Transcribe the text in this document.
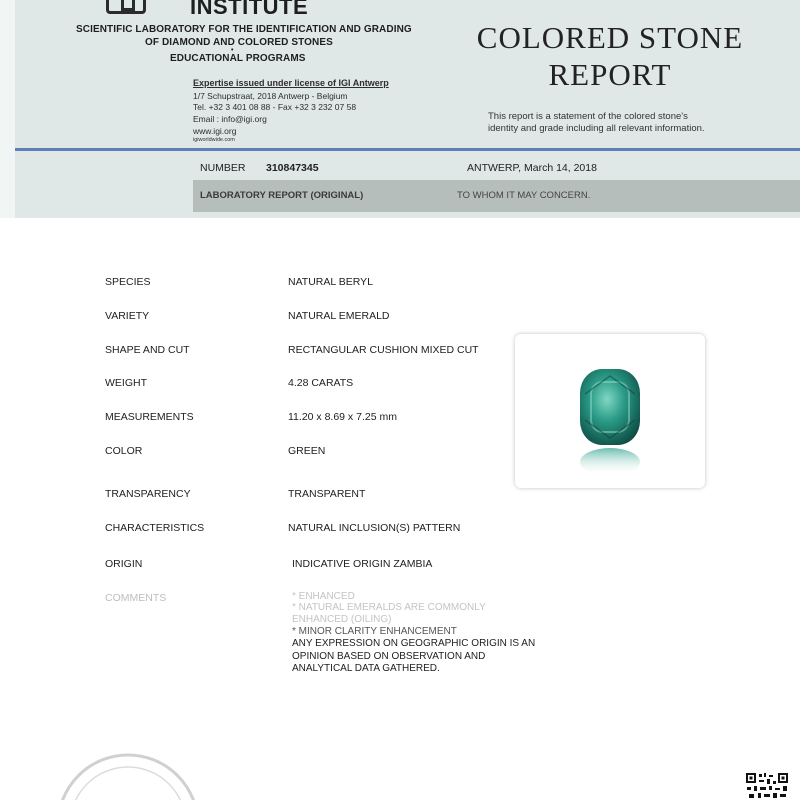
INSTITUTE
SCIENTIFIC LABORATORY FOR THE IDENTIFICATION AND GRADING
OF DIAMOND AND COLORED STONES
•
EDUCATIONAL PROGRAMS
Expertise issued under license of IGI Antwerp
1/7 Schupstraat, 2018 Antwerp - Belgium
Tel. +32 3 401 08 88 - Fax +32 3 232 07 58
Email : info@igi.org
www.igi.org
igiworldwide.com
COLORED STONE
REPORT
This report is a statement of the colored stone's
identity and grade including all relevant information.
NUMBER 310847345	ANTWERP, March 14, 2018
LABORATORY REPORT (ORIGINAL)	TO WHOM IT MAY CONCERN.
SPECIES	NATURAL BERYL
VARIETY	NATURAL EMERALD
SHAPE AND CUT	RECTANGULAR CUSHION MIXED CUT
WEIGHT	4.28 CARATS
MEASUREMENTS	11.20 x 8.69 x 7.25 mm
COLOR	GREEN
TRANSPARENCY	TRANSPARENT
CHARACTERISTICS	NATURAL INCLUSION(S) PATTERN
ORIGIN	INDICATIVE ORIGIN ZAMBIA
COMMENTS	* ENHANCED
* NATURAL EMERALDS ARE COMMONLY
ENHANCED (OILING)
* MINOR CLARITY ENHANCEMENT
ANY EXPRESSION ON GEOGRAPHIC ORIGIN IS AN
OPINION BASED ON OBSERVATION AND
ANALYTICAL DATA GATHERED.
